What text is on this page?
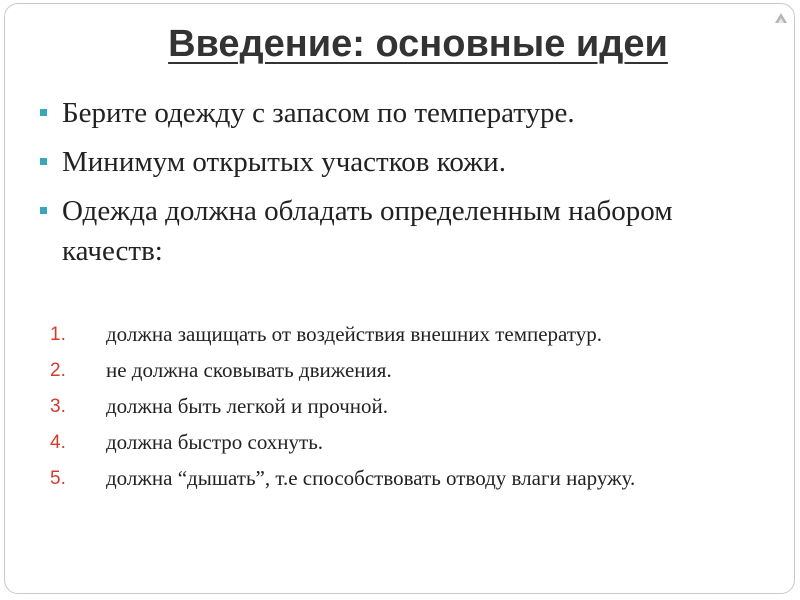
Введение: основные идеи
Берите одежду с запасом по температуре.
Минимум открытых участков кожи.
Одежда должна обладать определенным набором качеств:
1. должна защищать от воздействия внешних температур.
2. не должна сковывать движения.
3. должна быть легкой и прочной.
4. должна быстро сохнуть.
5. должна “дышать”, т.е способствовать отводу влаги наружу.
